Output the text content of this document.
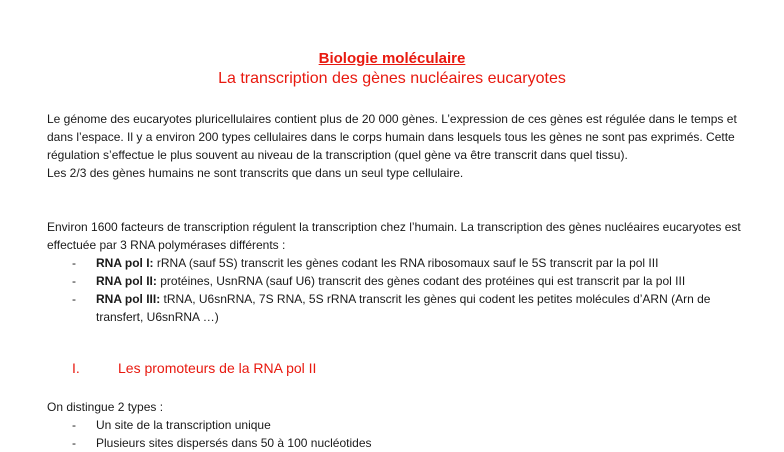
Biologie moléculaire
La transcription des gènes nucléaires eucaryotes
Le génome des eucaryotes pluricellulaires contient plus de 20 000 gènes. L’expression de ces gènes est régulée dans le temps et dans l’espace. Il y a environ 200 types cellulaires dans le corps humain dans lesquels tous les gènes ne sont pas exprimés. Cette régulation s’effectue le plus souvent au niveau de la transcription (quel gène va être transcrit dans quel tissu).
Les 2/3 des gènes humains ne sont transcrits que dans un seul type cellulaire.

Environ 1600 facteurs de transcription régulent la transcription chez l’humain. La transcription des gènes nucléaires eucaryotes est effectuée par 3 RNA polymérases différents :

- RNA pol I: rRNA (sauf 5S) transcrit les gènes codant les RNA ribosomaux sauf le 5S transcrit par la pol III
- RNA pol II: protéines, UsnRNA (sauf U6) transcrit des gènes codant des protéines qui est transcrit par la pol III
- RNA pol III: tRNA, U6snRNA, 7S RNA, 5S rRNA transcrit les gènes qui codent les petites molécules d’ARN (Arn de transfert, U6snRNA …)
I.	Les promoteurs de la RNA pol II

On distingue 2 types :

- Un site de la transcription unique
- Plusieurs sites dispersés dans 50 à 100 nucléotides
